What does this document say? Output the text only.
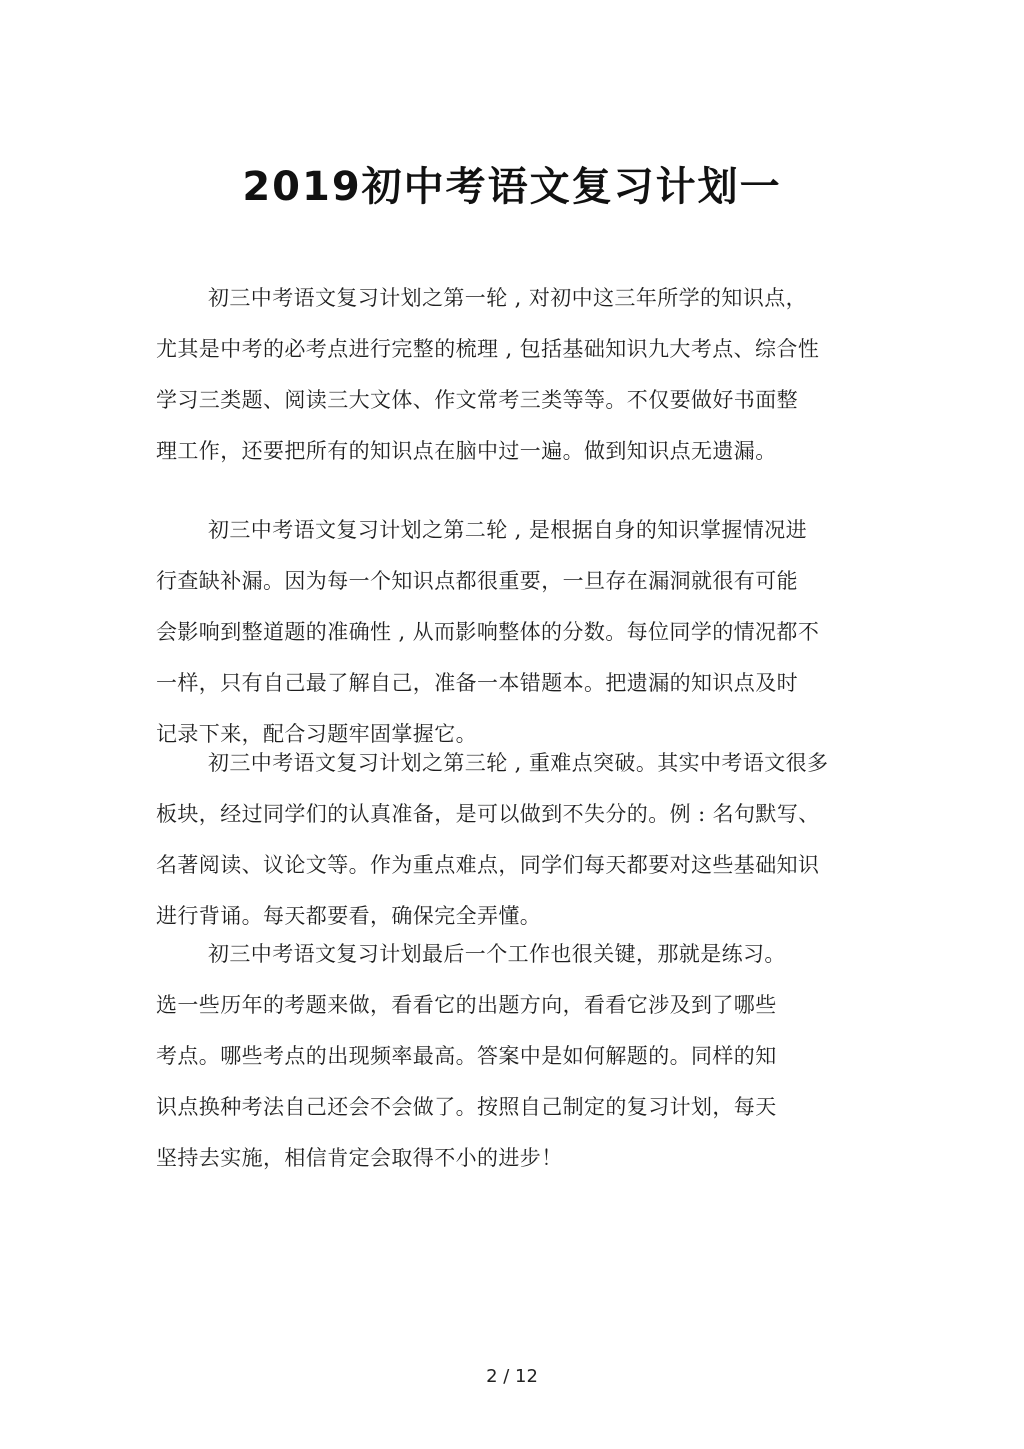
2019初中考语文复习计划一

初三中考语文复习计划之第一轮 , 对初中这三年所学的知识点，
尤其是中考的必考点进行完整的梳理 , 包括基础知识九大考点、综合性
学习三类题、阅读三大文体、作文常考三类等等。不仅要做好书面整
理工作，还要把所有的知识点在脑中过一遍。做到知识点无遗漏。

初三中考语文复习计划之第二轮 , 是根据自身的知识掌握情况进
行查缺补漏。因为每一个知识点都很重要，一旦存在漏洞就很有可能
会影响到整道题的准确性 , 从而影响整体的分数。每位同学的情况都不
一样，只有自己最了解自己，准备一本错题本。把遗漏的知识点及时
记录下来，配合习题牢固掌握它。

初三中考语文复习计划之第三轮 , 重难点突破。其实中考语文很多
板块，经过同学们的认真准备，是可以做到不失分的。例 : 名句默写、
名著阅读、议论文等。作为重点难点，同学们每天都要对这些基础知识
进行背诵。每天都要看，确保完全弄懂。

初三中考语文复习计划最后一个工作也很关键，那就是练习。
选一些历年的考题来做，看看它的出题方向，看看它涉及到了哪些
考点。哪些考点的出现频率最高。答案中是如何解题的。同样的知
识点换种考法自己还会不会做了。按照自己制定的复习计划，每天
坚持去实施，相信肯定会取得不小的进步！

2 / 12
